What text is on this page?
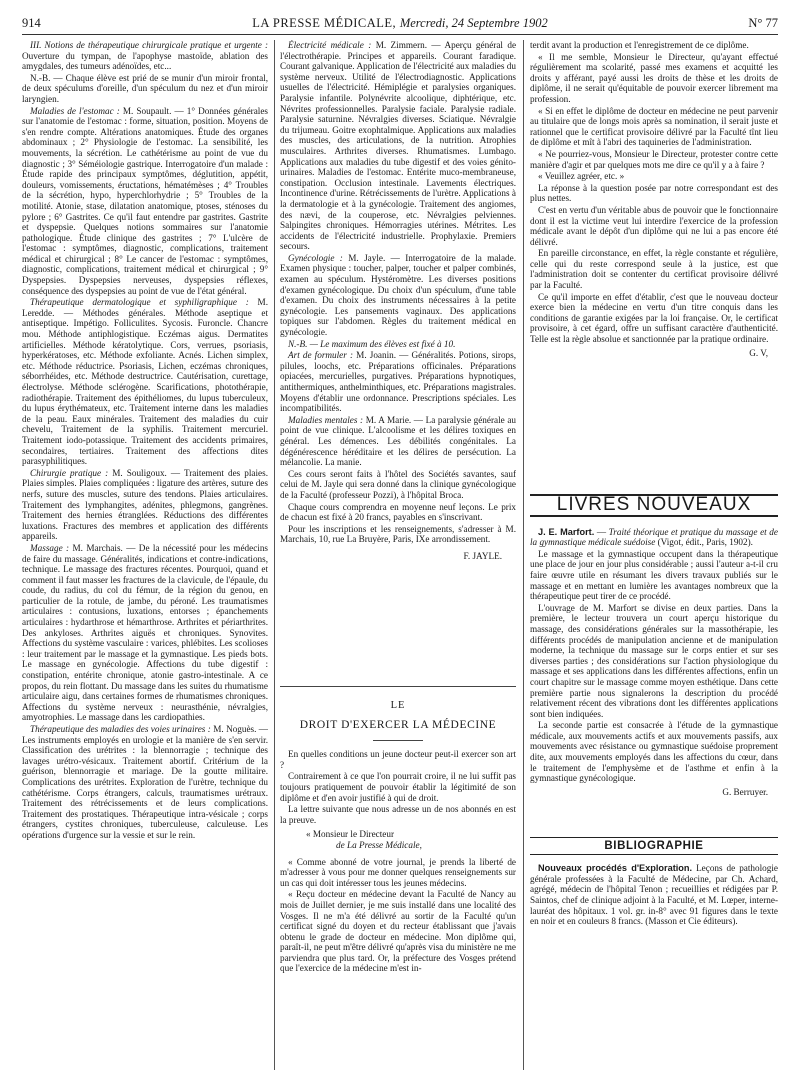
914	LA PRESSE MÉDICALE, Mercredi, 24 Septembre 1902	N° 77

III. Notions de thérapeutique chirurgicale pratique et urgente : Ouverture du tympan, de l'apophyse mastoïde, ablation des amygdales, des tumeurs adénoïdes, etc...

N.-B. — Chaque élève est prié de se munir d'un miroir frontal, de deux spéculums d'oreille, d'un spéculum du nez et d'un miroir laryngien.

Maladies de l'estomac : M. Soupault. — 1° Données générales sur l'anatomie de l'estomac : forme, situation, position. Moyens de s'en rendre compte. Altérations anatomiques. Étude des organes abdominaux ; 2° Physiologie de l'estomac. La sensibilité, les mouvements, la sécrétion. Le cathétérisme au point de vue du diagnostic ; 3° Séméiologie gastrique. Interrogatoire d'un malade : Étude rapide des principaux symptômes, déglutition, appétit, douleurs, vomissements, éructations, hématémèses ; 4° Troubles de la sécrétion, hypo, hyperchlorhydrie ; 5° Troubles de la motilité. Atonie, stase, dilatation anatomique, ptoses, sténoses du pylore ; 6° Gastrites. Ce qu'il faut entendre par gastrites. Gastrite et dyspepsie. Quelques notions sommaires sur l'anatomie pathologique. Étude clinique des gastrites ; 7° L'ulcère de l'estomac : symptômes, diagnostic, complications, traitement médical et chirurgical ; 8° Le cancer de l'estomac : symptômes, diagnostic, complications, traitement médical et chirurgical ; 9° Dyspepsies. Dyspepsies nerveuses, dyspepsies réflexes, conséquence des dyspepsies au point de vue de l'état général.

Thérapeutique dermatologique et syphiligraphique : M. Leredde. — Méthodes générales. Méthode aseptique et antiseptique. Impétigo. Folliculites. Sycosis. Furoncle. Chancre mou. Méthode antiphlogistique. Eczémas aigus. Dermatites artificielles. Méthode kératolytique. Cors, verrues, psoriasis, hyperkératoses, etc. Méthode exfoliante. Acnés. Lichen simplex, etc. Méthode réductrice. Psoriasis, Lichen, eczémas chroniques, séborrhéides, etc. Méthode destructrice. Cautérisation, curettage, électrolyse. Méthode sclérogène. Scarifications, photothérapie, radiothérapie. Traitement des épithéliomes, du lupus tuberculeux, du lupus érythémateux, etc. Traitement interne dans les maladies de la peau. Eaux minérales. Traitement des maladies du cuir chevelu, Traitement de la syphilis. Traitement mercuriel. Traitement iodo-potassique. Traitement des accidents primaires, secondaires, tertiaires. Traitement des affections dites parasyphilitiques.

Chirurgie pratique : M. Souligoux. — Traitement des plaies. Plaies simples. Plaies compliquées : ligature des artères, suture des nerfs, suture des muscles, suture des tendons. Plaies articulaires. Traitement des lymphangites, adénites, phlegmons, gangrènes. Traitement des hernies étranglées. Réductions des différentes luxations. Fractures des membres et application des différents appareils.

Massage : M. Marchais. — De la nécessité pour les médecins de faire du massage. Généralités, indications et contre-indications, technique. Le massage des fractures récentes. Pourquoi, quand et comment il faut masser les fractures de la clavicule, de l'épaule, du coude, du radius, du col du fémur, de la région du genou, en particulier de la rotule, de jambe, du péroné. Les traumatismes articulaires : contusions, luxations, entorses ; épanchements articulaires : hydarthrose et hémarthrose. Arthrites et périarthrites. Des ankyloses. Arthrites aiguës et chroniques. Synovites. Affections du système vasculaire : varices, phlébites. Les scolioses : leur traitement par le massage et la gymnastique. Les pieds bots. Le massage en gynécologie. Affections du tube digestif : constipation, entérite chronique, atonie gastro-intestinale. A ce propos, du rein flottant. Du massage dans les suites du rhumatisme articulaire aigu, dans certaines formes de rhumatismes chroniques. Affections du système nerveux : neurasthénie, névralgies, amyotrophies. Le massage dans les cardiopathies.

Thérapeutique des maladies des voies urinaires : M. Noguès. — Les instruments employés en urologie et la manière de s'en servir. Classification des urétrites : la blennorragie ; technique des lavages urétro-vésicaux. Traitement abortif. Critérium de la guérison, blennorragie et mariage. De la goutte militaire. Complications des urétrites. Exploration de l'urètre, technique du cathétérisme. Corps étrangers, calculs, traumatismes urétraux. Traitement des rétrécissements et de leurs complications. Traitement des prostatiques. Thérapeutique intra-vésicale ; corps étrangers, cystites chroniques, tuberculeuse, calculeuse. Les opérations d'urgence sur la vessie et sur le rein.

Électricité médicale : M. Zimmern. — Aperçu général de l'électrothérapie. Principes et appareils. Courant faradique. Courant galvanique. Application de l'électricité aux maladies du système nerveux. Utilité de l'électrodiagnostic. Applications usuelles de l'électricité. Hémiplégie et paralysies organiques. Paralysie infantile. Polynévrite alcoolique, diphtérique, etc. Névrites professionnelles. Paralysie faciale. Paralysie radiale. Paralysie saturnine. Névralgies diverses. Sciatique. Névralgie du trijumeau. Goitre exophtalmique. Applications aux maladies des muscles, des articulations, de la nutrition. Atrophies musculaires. Arthrites diverses. Rhumatismes. Lumbago. Applications aux maladies du tube digestif et des voies génito-urinaires. Maladies de l'estomac. Entérite muco-membraneuse, constipation. Occlusion intestinale. Lavements électriques. Incontinence d'urine. Rétrécissements de l'urètre. Applications à la dermatologie et à la gynécologie. Traitement des angiomes, des nævi, de la couperose, etc. Névralgies pelviennes. Salpingites chroniques. Hémorragies utérines. Métrites. Les accidents de l'électricité industrielle. Prophylaxie. Premiers secours.

Gynécologie : M. Jayle. — Interrogatoire de la malade. Examen physique : toucher, palper, toucher et palper combinés, examen au spéculum. Hystéromètre. Les diverses positions d'examen gynécologique. Du choix d'un spéculum, d'une table d'examen. Du choix des instruments nécessaires à la petite gynécologie. Les pansements vaginaux. Des applications topiques sur l'abdomen. Règles du traitement médical en gynécologie.

N.-B. — Le maximum des élèves est fixé à 10.

Art de formuler : M. Joanin. — Généralités. Potions, sirops, pilules, loochs, etc. Préparations officinales. Préparations opiacées, mercurielles, purgatives. Préparations hypnotiques, antithermiques, anthelminthiques, etc. Préparations magistrales. Moyens d'établir une ordonnance. Prescriptions spéciales. Les incompatibilités.

Maladies mentales : M. A Marie. — La paralysie générale au point de vue clinique. L'alcoolisme et les délires toxiques en général. Les démences. Les débilités congénitales. La dégénérescence héréditaire et les délires de persécution. La mélancolie. La manie.

Ces cours seront faits à l'hôtel des Sociétés savantes, sauf celui de M. Jayle qui sera donné dans la clinique gynécologique de la Faculté (professeur Pozzi), à l'hôpital Broca.

Chaque cours comprendra en moyenne neuf leçons. Le prix de chacun est fixé à 20 francs, payables en s'inscrivant.

Pour les inscriptions et les renseignements, s'adresser à M. Marchais, 10, rue La Bruyère, Paris, IXe arrondissement.

F. JAYLE.
LE
DROIT D'EXERCER LA MÉDECINE

En quelles conditions un jeune docteur peut-il exercer son art ?

Contrairement à ce que l'on pourrait croire, il ne lui suffit pas toujours pratiquement de pouvoir établir la légitimité de son diplôme et d'en avoir justifié à qui de droit.

La lettre suivante que nous adresse un de nos abonnés en est la preuve.

« Monsieur le Directeur
de La Presse Médicale,

« Comme abonné de votre journal, je prends la liberté de m'adresser à vous pour me donner quelques renseignements sur un cas qui doit intéresser tous les jeunes médecins.

« Reçu docteur en médecine devant la Faculté de Nancy au mois de Juillet dernier, je me suis installé dans une localité des Vosges. Il ne m'a été délivré au sortir de la Faculté qu'un certificat signé du doyen et du recteur établissant que j'avais obtenu le grade de docteur en médecine. Mon diplôme qui, paraît-il, ne peut m'être délivré qu'après visa du ministère ne me parviendra que plus tard. Or, la préfecture des Vosges prétend que l'exercice de la médecine m'est in-

terdit avant la production et l'enregistrement de ce diplôme.

« Il me semble, Monsieur le Directeur, qu'ayant effectué régulièrement ma scolarité, passé mes examens et acquitté les droits y afférant, payé aussi les droits de thèse et les droits de diplôme, il ne serait qu'équitable de pouvoir exercer librement ma profession.

« Si en effet le diplôme de docteur en médecine ne peut parvenir au titulaire que de longs mois après sa nomination, il serait juste et rationnel que le certificat provisoire délivré par la Faculté tînt lieu de diplôme et mît à l'abri des taquineries de l'administration.

« Ne pourriez-vous, Monsieur le Directeur, protester contre cette manière d'agir et par quelques mots me dire ce qu'il y a à faire ?

« Veuillez agréer, etc. »

La réponse à la question posée par notre correspondant est des plus nettes.

C'est en vertu d'un véritable abus de pouvoir que le fonctionnaire dont il est la victime veut lui interdire l'exercice de la profession médicale avant le dépôt d'un diplôme qui ne lui a pas encore été délivré.

En pareille circonstance, en effet, la règle constante et régulière, celle qui du reste correspond seule à la justice, est que l'administration doit se contenter du certificat provisoire délivré par la Faculté.

Ce qu'il importe en effet d'établir, c'est que le nouveau docteur exerce bien la médecine en vertu d'un titre conquis dans les conditions de garantie exigées par la loi française. Or, le certificat provisoire, à cet égard, offre un suffisant caractère d'authenticité. Telle est la règle absolue et sanctionnée par la pratique ordinaire.

G. V,
LIVRES NOUVEAUX

J. E. Marfort. — Traité théorique et pratique du massage et de la gymnastique médicale suédoise (Vigot, édit., Paris, 1902).

Le massage et la gymnastique occupent dans la thérapeutique une place de jour en jour plus considérable ; aussi l'auteur a-t-il cru faire œuvre utile en résumant les divers travaux publiés sur le massage et en mettant en lumière les avantages nombreux que la thérapeutique peut tirer de ce procédé.

L'ouvrage de M. Marfort se divise en deux parties. Dans la première, le lecteur trouvera un court aperçu historique du massage, des considérations générales sur la massothérapie, les différents procédés de manipulation ancienne et de manipulation moderne, la technique du massage sur le corps entier et sur ses diverses parties ; des considérations sur l'action physiologique du massage et ses applications dans les différentes affections, enfin un court chapitre sur le massage comme moyen esthétique. Dans cette première partie nous signalerons la description du procédé relativement récent des vibrations dont les différentes applications sont bien indiquées.

La seconde partie est consacrée à l'étude de la gymnastique médicale, aux mouvements actifs et aux mouvements passifs, aux mouvements avec résistance ou gymnastique suédoise proprement dite, aux mouvements employés dans les affections du cœur, dans le traitement de l'emphysème et de l'asthme et enfin à la gymnastique gynécologique.

G. Berruyer.
BIBLIOGRAPHIE

Nouveaux procédés d'Exploration. Leçons de pathologie générale professées à la Faculté de Médecine, par Ch. Achard, agrégé, médecin de l'hôpital Tenon ; recueillies et rédigées par P. Saintos, chef de clinique adjoint à la Faculté, et M. Lœper, interne-lauréat des hôpitaux. 1 vol. gr. in-8° avec 91 figures dans le texte en noir et en couleurs 8 francs. (Masson et Cie éditeurs).
